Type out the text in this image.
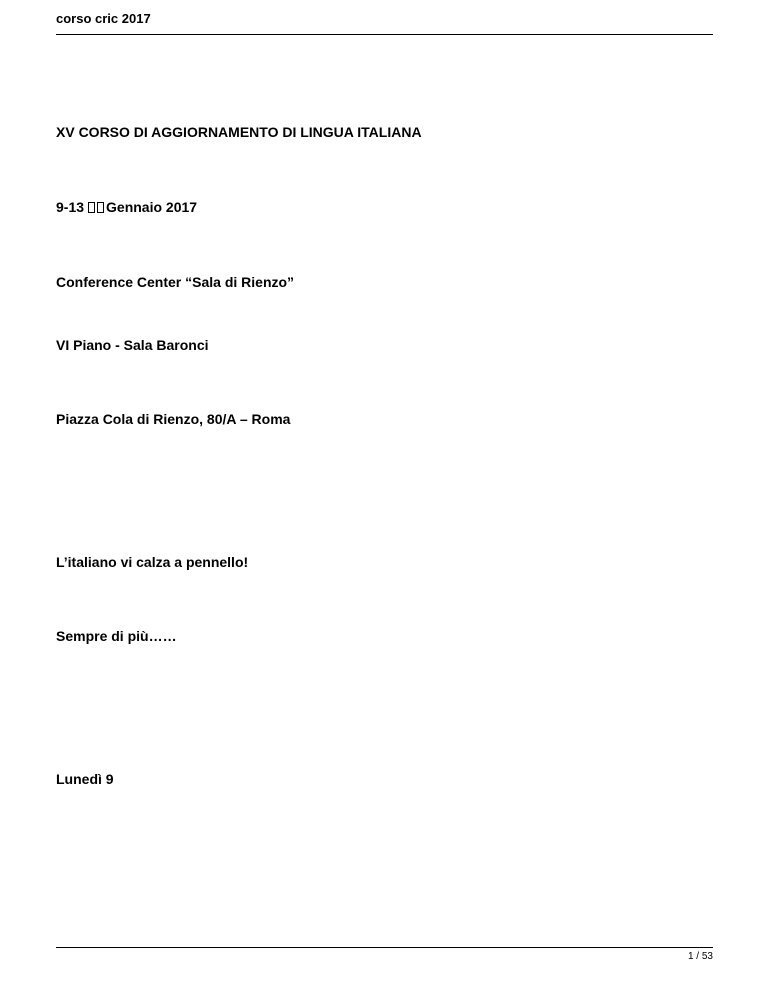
corso cric 2017
XV CORSO DI AGGIORNAMENTO DI LINGUA ITALIANA
9-13 Gennaio 2017
Conference Center “Sala di Rienzo”
VI Piano - Sala Baronci
Piazza Cola di Rienzo, 80/A – Roma
L’italiano vi calza a pennello!
Sempre di più……
Lunedì 9
1 / 53
